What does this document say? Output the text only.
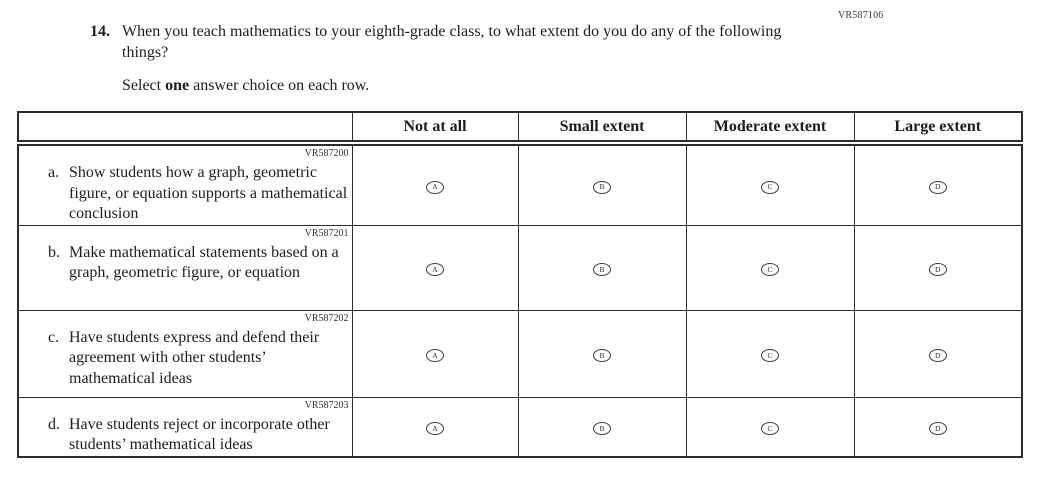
VR587106
14. When you teach mathematics to your eighth-grade class, to what extent do you do any of the following things?

Select one answer choice on each row.

	Not at all	Small extent	Moderate extent	Large extent

VR587200
a. Show students how a graph, geometric figure, or equation supports a mathematical conclusion	A	B	C	D

VR587201
b. Make mathematical statements based on a graph, geometric figure, or equation	A	B	C	D

VR587202
c. Have students express and defend their agreement with other students’ mathematical ideas	A	B	C	D

VR587203
d. Have students reject or incorporate other students’ mathematical ideas	A	B	C	D
